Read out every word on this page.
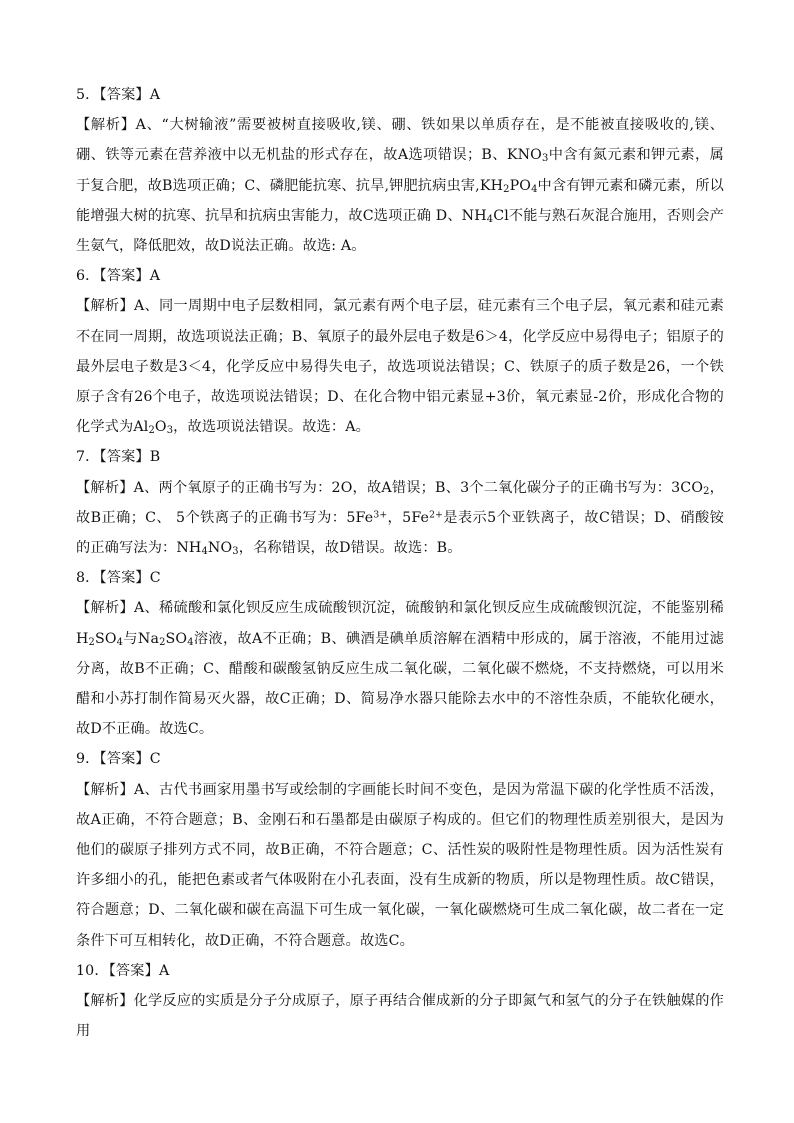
5．【答案】A

【解析】A、“大树输液”需要被树直接吸收,镁、硼、铁如果以单质存在，是不能被直接吸收的,镁、硼、铁等元素在营养液中以无机盐的形式存在，故A选项错误；B、$KNO_3$中含有氮元素和钾元素，属于复合肥，故B选项正确；C、磷肥能抗寒、抗旱,钾肥抗病虫害$,KH_2PO_4$中含有钾元素和磷元素，所以能增强大树的抗寒、抗旱和抗病虫害能力，故C选项正确 D、$NH_4Cl$不能与熟石灰混合施用，否则会产生氨气，降低肥效，故D说法正确。故选: A。

6．【答案】A

【解析】A、同一周期中电子层数相同，氯元素有两个电子层，硅元素有三个电子层，氧元素和硅元素不在同一周期，故选项说法正确；B、氧原子的最外层电子数是6＞4，化学反应中易得电子；铝原子的最外层电子数是3＜4，化学反应中易得失电子，故选项说法错误；C、铁原子的质子数是26，一个铁原子含有26个电子，故选项说法错误；D、在化合物中铝元素显+3价，氧元素显-2价，形成化合物的化学式为$Al_2O_3$，故选项说法错误。故选：A。

7．【答案】B

【解析】A、两个氧原子的正确书写为：2O，故A错误；B、3个二氧化碳分子的正确书写为：$3CO_2$，故B正确；C、 5个铁离子的正确书写为：$5Fe^{3+}$，$5Fe^{2+}$是表示5个亚铁离子，故C错误；D、硝酸铵的正确写法为：$NH_4NO_3$，名称错误，故D错误。故选：B。

8．【答案】C

【解析】A、稀硫酸和氯化钡反应生成硫酸钡沉淀，硫酸钠和氯化钡反应生成硫酸钡沉淀，不能鉴别稀$H_2SO_4$与$Na_2SO_4$溶液，故A不正确；B、碘酒是碘单质溶解在酒精中形成的，属于溶液，不能用过滤分离，故B不正确；C、醋酸和碳酸氢钠反应生成二氧化碳，二氧化碳不燃烧，不支持燃烧，可以用米醋和小苏打制作简易灭火器，故C正确；D、简易净水器只能除去水中的不溶性杂质，不能软化硬水，故D不正确。故选C。

9．【答案】C

【解析】A、古代书画家用墨书写或绘制的字画能长时间不变色，是因为常温下碳的化学性质不活泼，故A正确，不符合题意；B、金刚石和石墨都是由碳原子构成的。但它们的物理性质差别很大，是因为他们的碳原子排列方式不同，故B正确，不符合题意；C、活性炭的吸附性是物理性质。因为活性炭有许多细小的孔，能把色素或者气体吸附在小孔表面，没有生成新的物质，所以是物理性质。故C错误，符合题意；D、二氧化碳和碳在高温下可生成一氧化碳，一氧化碳燃烧可生成二氧化碳，故二者在一定条件下可互相转化，故D正确，不符合题意。故选C。

10．【答案】A

【解析】化学反应的实质是分子分成原子，原子再结合催成新的分子即氮气和氢气的分子在铁触媒的作用
